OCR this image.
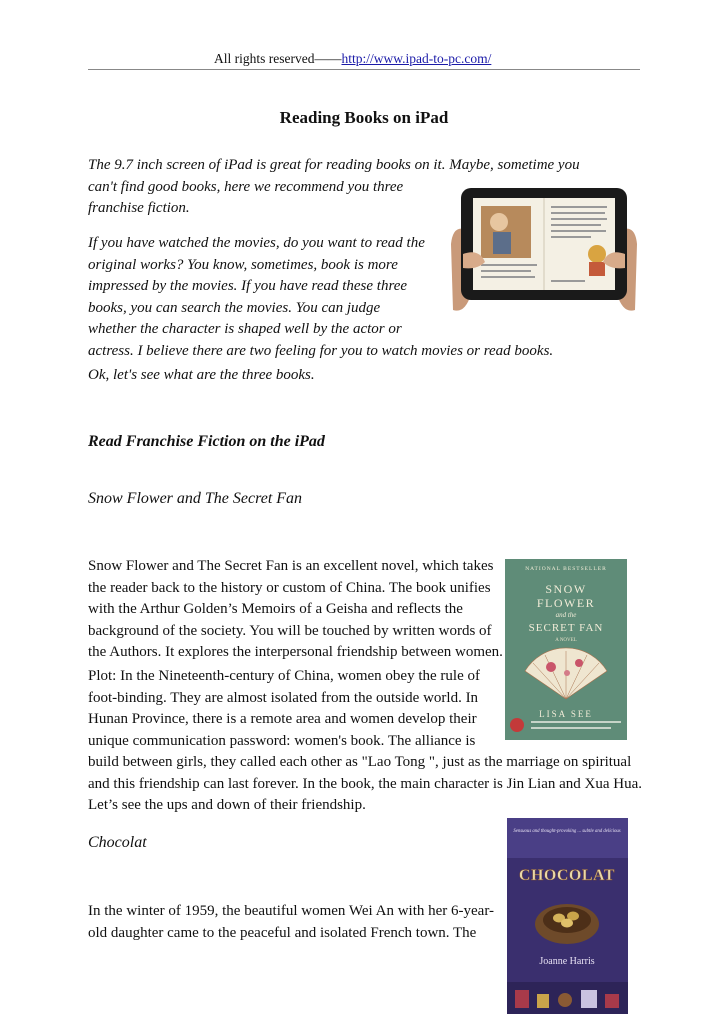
All rights reserved——http://www.ipad-to-pc.com/
Reading Books on iPad
The 9.7 inch screen of iPad is great for reading books on it. Maybe, sometime you
can't find good books, here we recommend you three
franchise fiction.
If you have watched the movies, do you want to read the
original works? You know, sometimes, book is more
impressed by the movies. If you have read these three
books, you can search the movies. You can judge
whether the character is shaped well by the actor or
actress. I believe there are two feeling for you to watch movies or read books.
Ok, let's see what are the three books.
Read Franchise Fiction on the iPad
Snow Flower and The Secret Fan
Snow Flower and The Secret Fan is an excellent novel, which takes
the reader back to the history or custom of China. The book unifies
with the Arthur Golden’s Memoirs of a Geisha and reflects the
background of the society. You will be touched by written words of
the Authors. It explores the interpersonal friendship between women.
Plot: In the Nineteenth-century of China, women obey the rule of
foot-binding. They are almost isolated from the outside world. In
Hunan Province, there is a remote area and women develop their
unique communication password: women's book. The alliance is
build between girls, they called each other as "Lao Tong ", just as the marriage on spiritual
and this friendship can last forever. In the book, the main character is Jin Lian and Xua Hua.
Let’s see the ups and down of their friendship.
NATIONAL BESTSELLER
SNOW
FLOWER
and the
SECRET FAN
A NOVEL
LISA SEE
Chocolat
In the winter of 1959, the beautiful women Wei An with her 6-year-
old daughter came to the peaceful and isolated French town. The
Sensuous and thought-provoking ... subtle and delicious
CHOCOLAT
Joanne Harris
